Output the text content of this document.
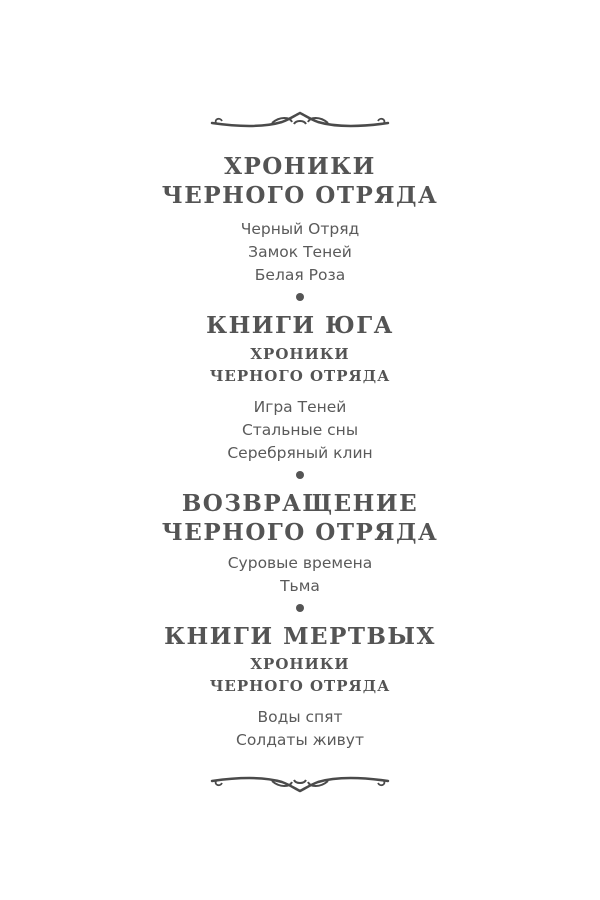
ХРОНИКИ
ЧЕРНОГО ОТРЯДА
Черный Отряд
Замок Теней
Белая Роза
КНИГИ ЮГА
ХРОНИКИ
ЧЕРНОГО ОТРЯДА
Игра Теней
Стальные сны
Серебряный клин
ВОЗВРАЩЕНИЕ
ЧЕРНОГО ОТРЯДА
Суровые времена
Тьма
КНИГИ МЕРТВЫХ
ХРОНИКИ
ЧЕРНОГО ОТРЯДА
Воды спят
Солдаты живут
